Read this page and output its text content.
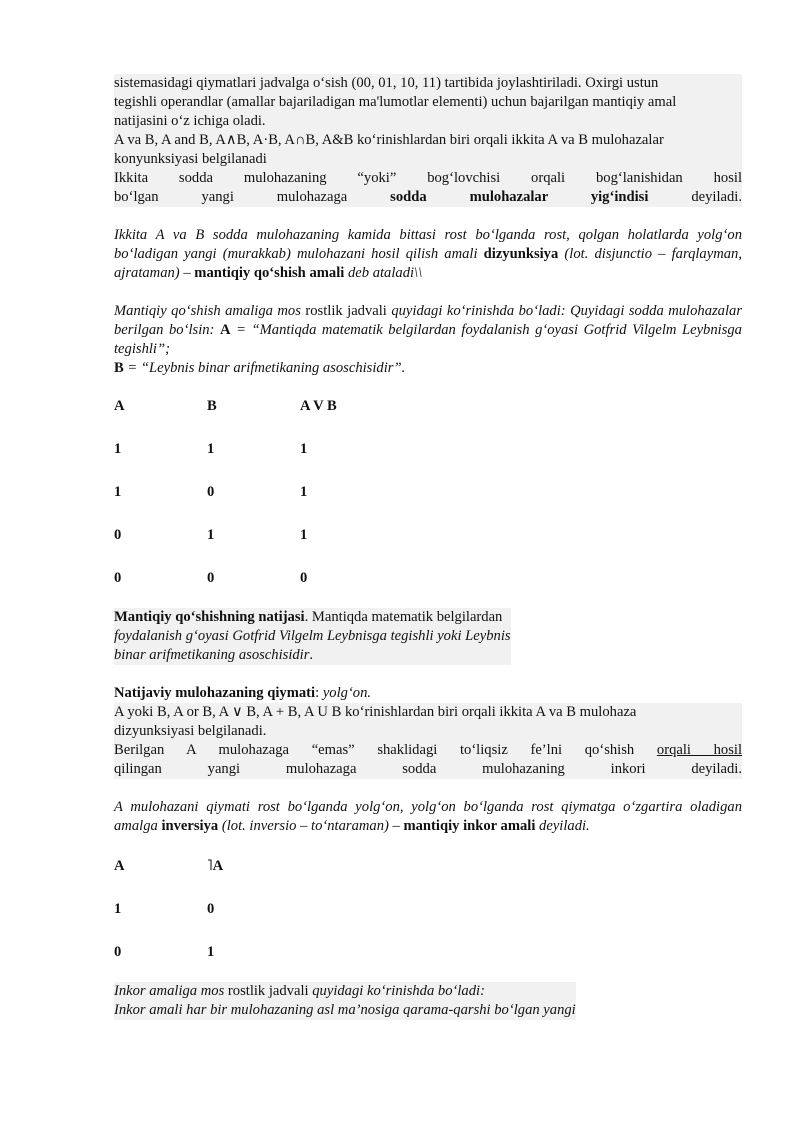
sistemasidagi qiymatlari jadvalga o‘sish (00, 01, 10, 11) tartibida joylashtiriladi. Oxirgi ustun
tegishli operandlar (amallar bajariladigan ma'lumotlar elementi) uchun bajarilgan mantiqiy amal
natijasini o‘z ichiga oladi.

A va B, A and B, A∧B, A·B, A∩B, A&B ko‘rinishlardan biri orqali ikkita A va B mulohazalar
konyunksiyasi belgilanadi

Ikkita sodda mulohazaning “yoki” bog‘lovchisi orqali bog‘lanishidan hosil

bo‘lgan yangi mulohazaga	sodda mulohazalar yig‘indisi	deyiladi.

Ikkita A va B sodda mulohazaning kamida bittasi rost bo‘lganda rost, qolgan holatlarda yolg‘on bo‘ladigan yangi (murakkab) mulohazani hosil qilish amali dizyunksiya (lot. disjunctio – farqlayman, ajrataman) – mantiqiy qo‘shish amali deb ataladi\\

Mantiqiy qo‘shish amaliga mos rostlik jadvali quyidagi ko‘rinishda bo‘ladi: Quyidagi sodda mulohazalar berilgan bo‘lsin: A = “Mantiqda matematik belgilardan foydalanish g‘oyasi Gotfrid Vilgelm Leybnisga tegishli”;
B = “Leybnis binar arifmetikaning asoschisidir”.

A	B	A V B
1	1	1
1	0	1
0	1	1
0	0	0

Mantiqiy qo‘shishning natijasi. Mantiqda matematik belgilardan
foydalanish g‘oyasi Gotfrid Vilgelm Leybnisga tegishli yoki Leybnis
binar arifmetikaning asoschisidir.

Natijaviy mulohazaning qiymati: yolg‘on.

A yoki B, A or B, A ∨ B, A + B, A U B ko‘rinishlardan biri orqali ikkita A va B mulohaza
dizyunksiyasi belgilanadi.

Berilgan A mulohazaga “emas” shaklidagi to‘liqsiz fe’lni qo‘shish orqali hosil

qilingan yangi mulohazaga sodda mulohazaning inkori deyiladi.

A mulohazani qiymati rost bo‘lganda yolg‘on, yolg‘on bo‘lganda rost qiymatga o‘zgartira oladigan amalga inversiya (lot. inversio – to‘ntaraman) – mantiqiy inkor amali deyiladi.

A	˥A
1	0
0	1

Inkor amaliga mos rostlik jadvali quyidagi ko‘rinishda bo‘ladi:
Inkor amali har bir mulohazaning asl ma’nosiga qarama-qarshi bo‘lgan yangi
